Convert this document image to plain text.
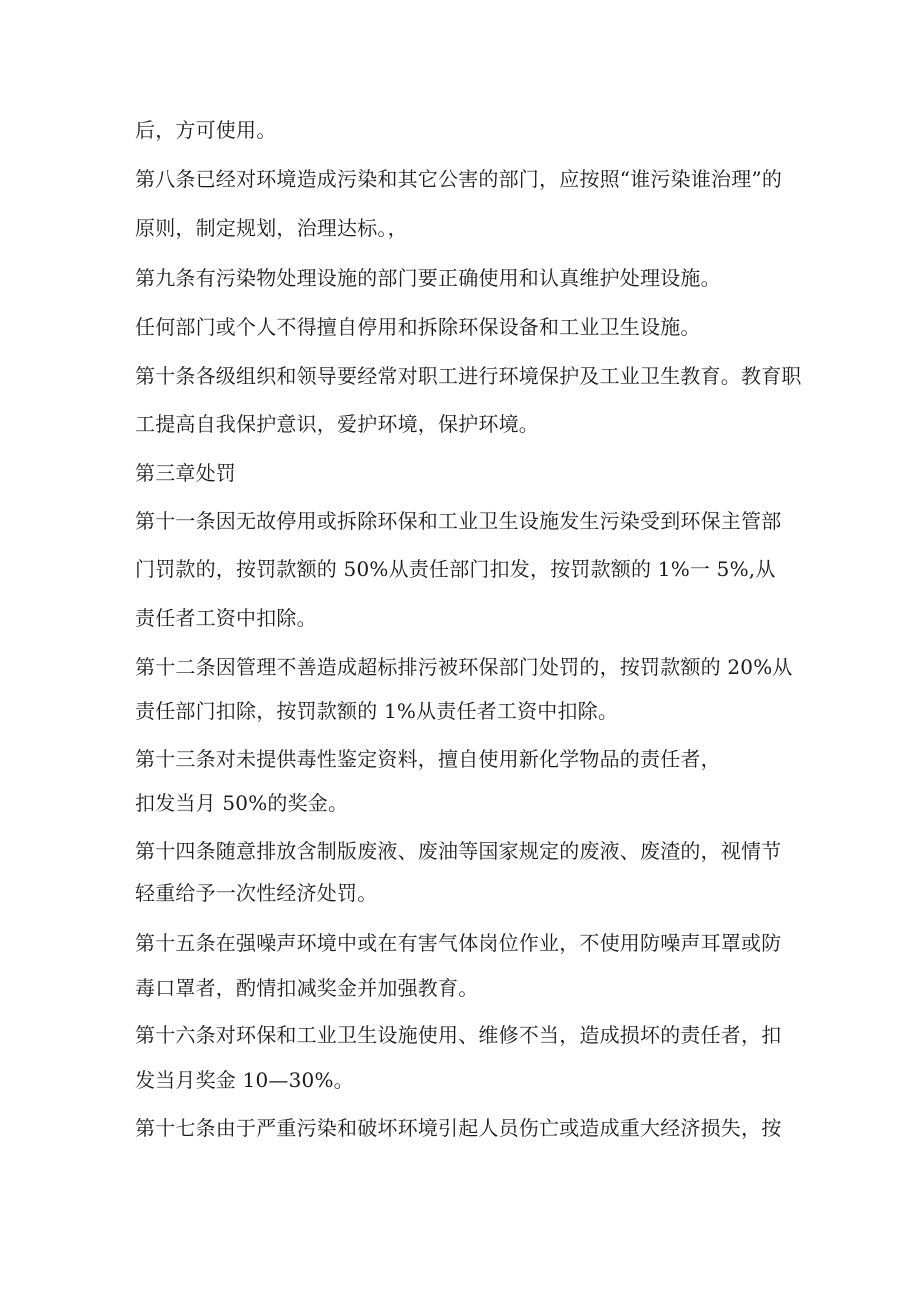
后，方可使用。
第八条已经对环境造成污染和其它公害的部门，应按照“谁污染谁治理”的
原则，制定规划，治理达标。，
第九条有污染物处理设施的部门要正确使用和认真维护处理设施。
任何部门或个人不得擅自停用和拆除环保设备和工业卫生设施。
第十条各级组织和领导要经常对职工进行环境保护及工业卫生教育。教育职
工提高自我保护意识，爱护环境，保护环境。
第三章处罚
第十一条因无故停用或拆除环保和工业卫生设施发生污染受到环保主管部
门罚款的，按罚款额的 50%从责任部门扣发，按罚款额的 1%一 5%,从
责任者工资中扣除。
第十二条因管理不善造成超标排污被环保部门处罚的，按罚款额的 20%从
责任部门扣除，按罚款额的 1%从责任者工资中扣除。
第十三条对未提供毒性鉴定资料，擅自使用新化学物品的责任者，
扣发当月 50%的奖金。
第十四条随意排放含制版废液、废油等国家规定的废液、废渣的，视情节
轻重给予一次性经济处罚。
第十五条在强噪声环境中或在有害气体岗位作业，不使用防噪声耳罩或防
毒口罩者，酌情扣减奖金并加强教育。
第十六条对环保和工业卫生设施使用、维修不当，造成损坏的责任者，扣
发当月奖金 10—30%。
第十七条由于严重污染和破坏环境引起人员伤亡或造成重大经济损失，按
